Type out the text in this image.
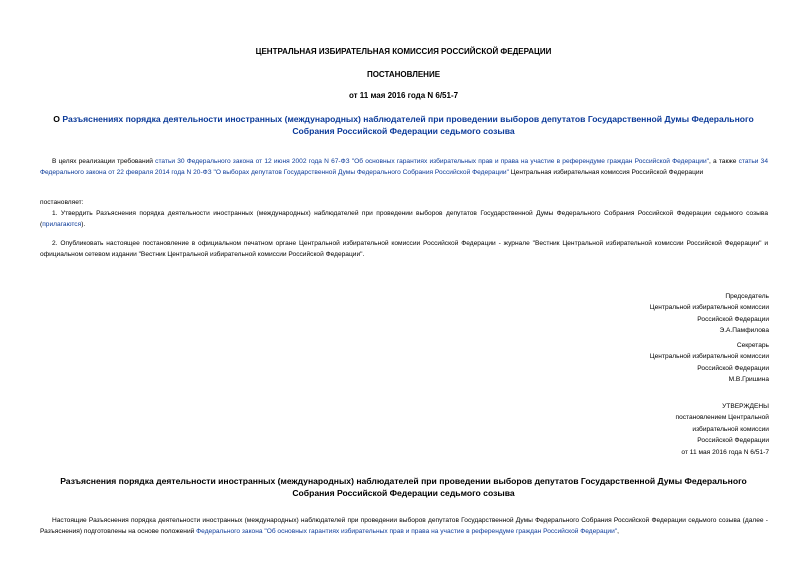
ЦЕНТРАЛЬНАЯ ИЗБИРАТЕЛЬНАЯ КОМИССИЯ РОССИЙСКОЙ ФЕДЕРАЦИИ
ПОСТАНОВЛЕНИЕ
от 11 мая 2016 года N 6/51-7
О Разъяснениях порядка деятельности иностранных (международных) наблюдателей при проведении выборов депутатов Государственной Думы Федерального
Собрания Российской Федерации седьмого созыва
В целях реализации требований статьи 30 Федерального закона от 12 июня 2002 года N 67-ФЗ "Об основных гарантиях избирательных прав и права на участие в референдуме граждан Российской Федерации", а также статьи 34 Федерального закона от 22 февраля 2014 года N 20-ФЗ "О выборах депутатов Государственной Думы Федерального Собрания Российской Федерации" Центральная избирательная комиссия Российской Федерации
постановляет:
1. Утвердить Разъяснения порядка деятельности иностранных (международных) наблюдателей при проведении выборов депутатов Государственной Думы Федерального Собрания Российской Федерации седьмого созыва (прилагаются).
2. Опубликовать настоящее постановление в официальном печатном органе Центральной избирательной комиссии Российской Федерации - журнале "Вестник Центральной избирательной комиссии Российской Федерации" и официальном сетевом издании "Вестник Центральной избирательной комиссии Российской Федерации".
Председатель
Центральной избирательной комиссии
Российской Федерации
Э.А.Памфилова
Секретарь
Центральной избирательной комиссии
Российской Федерации
М.В.Гришина
УТВЕРЖДЕНЫ
постановлением Центральной
избирательной комиссии
Российской Федерации
от 11 мая 2016 года N 6/51-7
Разъяснения порядка деятельности иностранных (международных) наблюдателей при проведении выборов депутатов Государственной Думы Федерального
Собрания Российской Федерации седьмого созыва
Настоящие Разъяснения порядка деятельности иностранных (международных) наблюдателей при проведении выборов депутатов Государственной Думы Федерального Собрания Российской Федерации седьмого созыва (далее - Разъяснения) подготовлены на основе положений Федерального закона "Об основных гарантиях избирательных прав и права на участие в референдуме граждан Российской Федерации",
